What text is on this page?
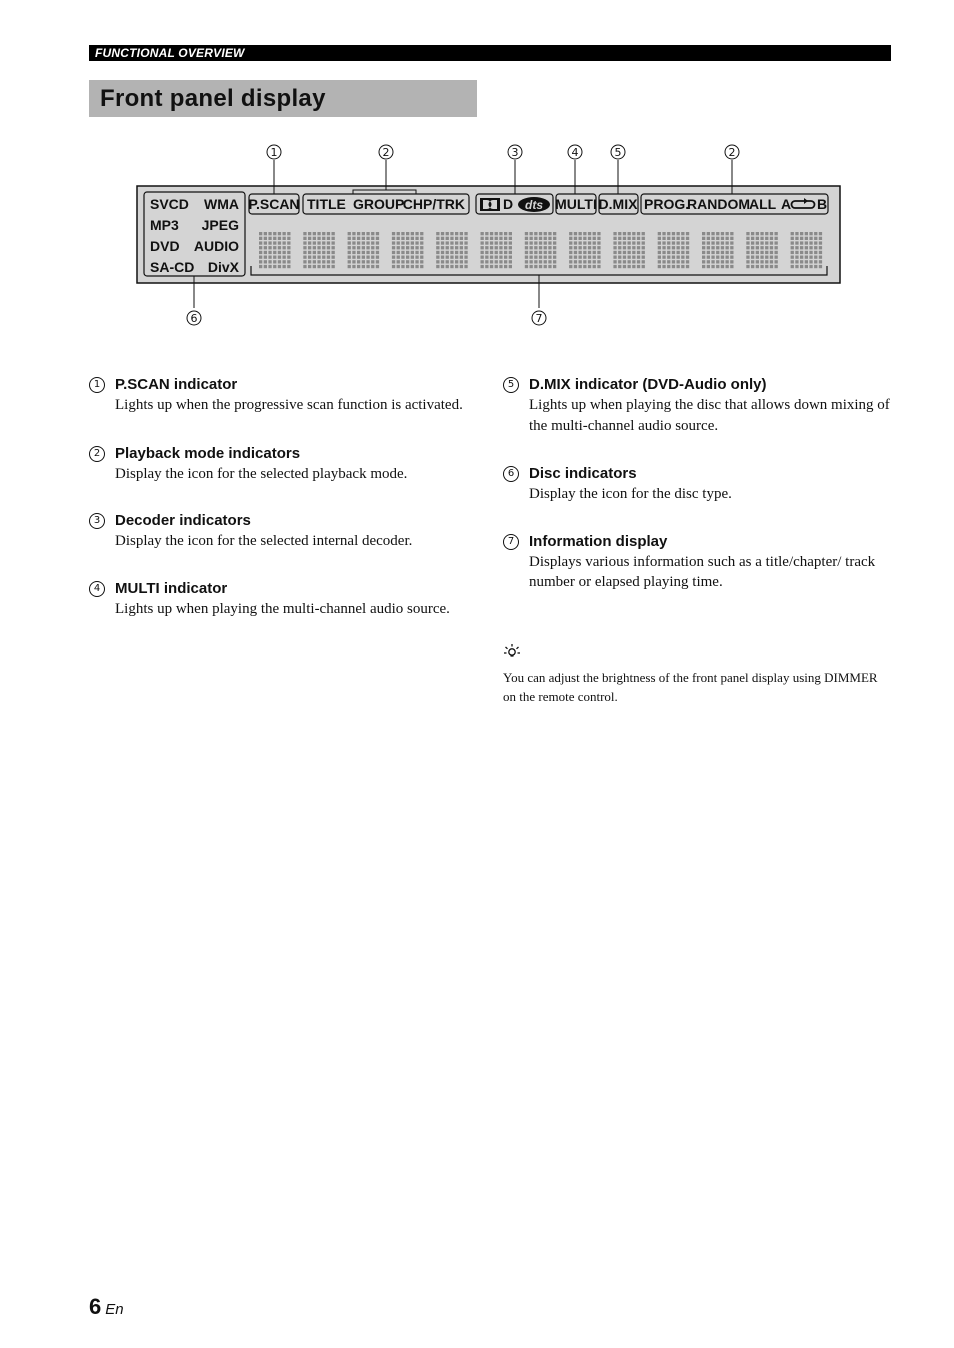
FUNCTIONAL OVERVIEW
Front panel display
SVCD WMA
MP3 JPEG
DVD AUDIO
SA-CD DivX
P.SCAN TITLE GROUP
CHP/TRK	D dts MULTI D.MIX PROG.
RANDOM ALL A B
1	2	3	4	5	2
6	7
1 P.SCAN indicator
Lights up when the progressive scan function is activated.
2 Playback mode indicators
Display the icon for the selected playback mode.
3 Decoder indicators
Display the icon for the selected internal decoder.
4 MULTI indicator
Lights up when playing the multi-channel audio source.
5 D.MIX indicator (DVD-Audio only)
Lights up when playing the disc that allows down mixing of the multi-channel audio source.
6 Disc indicators
Display the icon for the disc type.
7 Information display
Displays various information such as a title/chapter/ track number or elapsed playing time.
You can adjust the brightness of the front panel display using DIMMER on the remote control.
6 En
